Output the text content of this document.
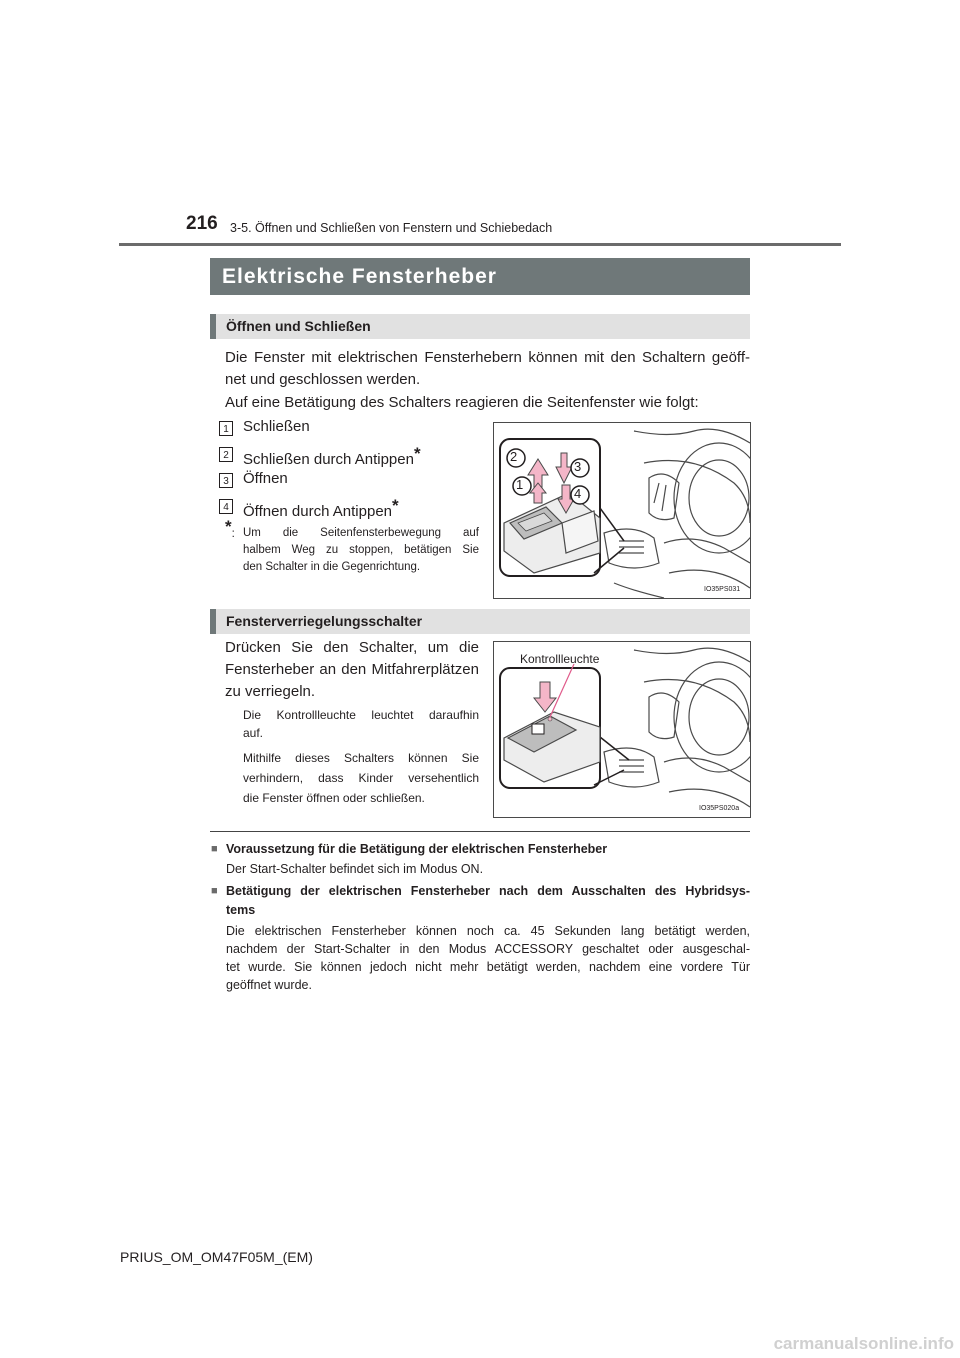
216 3-5. Öffnen und Schließen von Fenstern und Schiebedach
Elektrische Fensterheber
Öffnen und Schließen
Die Fenster mit elektrischen Fensterhebern können mit den Schaltern geöff-
net und geschlossen werden.
Auf eine Betätigung des Schalters reagieren die Seitenfenster wie folgt:
1 Schließen
2 Schließen durch Antippen*
3 Öffnen
4 Öffnen durch Antippen*
*: Um die Seitenfensterbewegung auf
halbem Weg zu stoppen, betätigen Sie
den Schalter in die Gegenrichtung.
2
3
1
4
IO35PS031
Fensterverriegelungsschalter
Drücken Sie den Schalter, um die
Fensterheber an den Mitfahrerplätzen
zu verriegeln.
Die Kontrollleuchte leuchtet daraufhin
auf.
Mithilfe dieses Schalters können Sie
verhindern, dass Kinder versehentlich
die Fenster öffnen oder schließen.
Kontrollleuchte
IO35PS020a
■ Voraussetzung für die Betätigung der elektrischen Fensterheber
Der Start-Schalter befindet sich im Modus ON.
■ Betätigung der elektrischen Fensterheber nach dem Ausschalten des Hybridsys-
tems
Die elektrischen Fensterheber können noch ca. 45 Sekunden lang betätigt werden,
nachdem der Start-Schalter in den Modus ACCESSORY geschaltet oder ausgeschal-
tet wurde. Sie können jedoch nicht mehr betätigt werden, nachdem eine vordere Tür
geöffnet wurde.
PRIUS_OM_OM47F05M_(EM)
carmanualsonline.info
